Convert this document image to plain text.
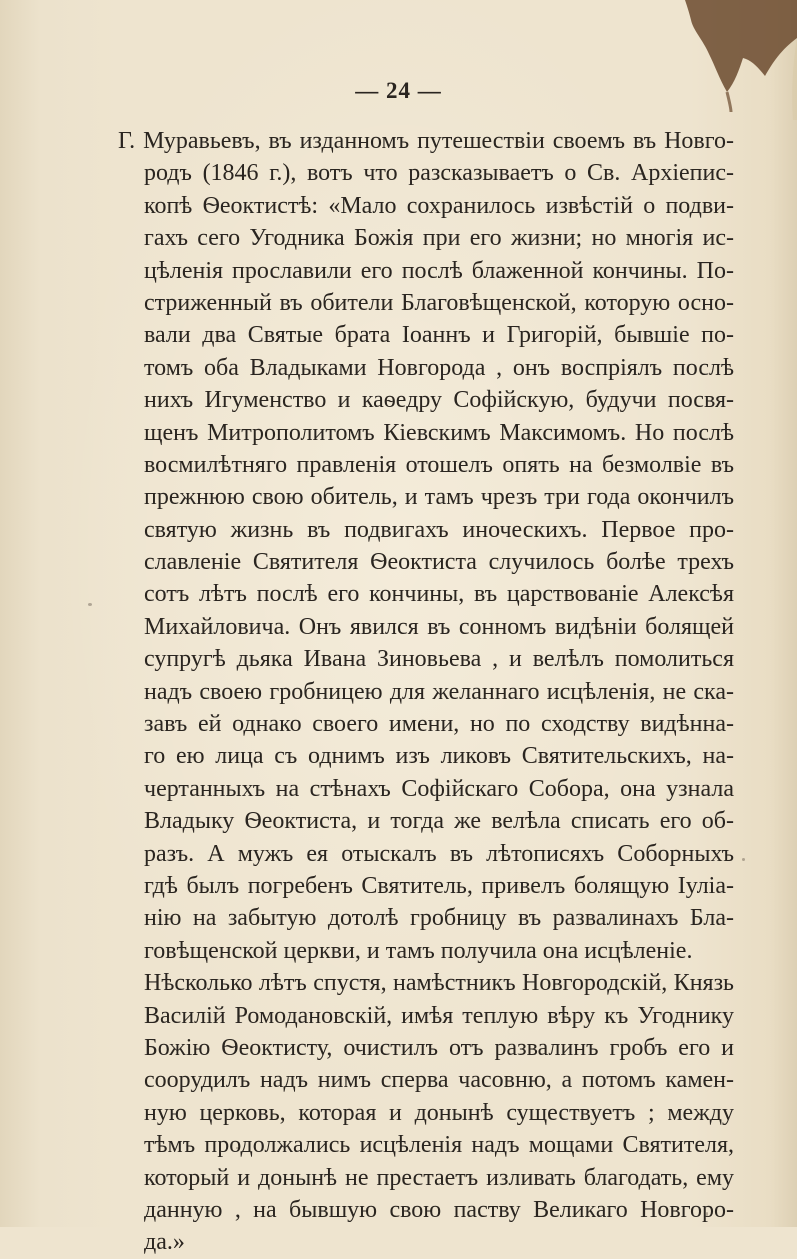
— 24 —
Г. Муравьевъ, въ изданномъ путешествіи своемъ въ Новго-
родъ (1846 г.), вотъ что разсказываетъ о Св. Архіепис-
копѣ Ѳеоктистѣ: «Мало сохранилось извѣстій о подви-
гахъ сего Угодника Божія при его жизни; но многія ис-
цѣленія прославили его послѣ блаженной кончины. По-
стриженный въ обители Благовѣщенской, которую осно-
вали два Святые брата Іоаннъ и Григорій, бывшіе по-
томъ оба Владыками Новгорода , онъ воспріялъ послѣ
нихъ Игуменство и каѳедру Софійскую, будучи посвя-
щенъ Митрополитомъ Кіевскимъ Максимомъ. Но послѣ
восмилѣтняго правленія отошелъ опять на безмолвіе въ
прежнюю свою обитель, и тамъ чрезъ три года окончилъ
святую жизнь въ подвигахъ иноческихъ. Первое про-
славленіе Святителя Ѳеоктиста случилось болѣе трехъ
сотъ лѣтъ послѣ его кончины, въ царствованіе Алексѣя
Михайловича. Онъ явился въ сонномъ видѣніи болящей
супругѣ дьяка Ивана Зиновьева , и велѣлъ помолиться
надъ своею гробницею для желаннаго исцѣленія, не ска-
завъ ей однако своего имени, но по сходству видѣнна-
го ею лица съ однимъ изъ ликовъ Святительскихъ, на-
чертанныхъ на стѣнахъ Софійскаго Собора, она узнала
Владыку Ѳеоктиста, и тогда же велѣла списать его об-
разъ. А мужъ ея отыскалъ въ лѣтописяхъ Соборныхъ
гдѣ былъ погребенъ Святитель, привелъ болящую Іуліа-
нію на забытую дотолѣ гробницу въ развалинахъ Бла-
говѣщенской церкви, и тамъ получила она исцѣленіе.
Нѣсколько лѣтъ спустя, намѣстникъ Новгородскій, Князь
Василій Ромодановскій, имѣя теплую вѣру къ Угоднику
Божію Ѳеоктисту, очистилъ отъ развалинъ гробъ его и
соорудилъ надъ нимъ сперва часовню, а потомъ камен-
ную церковь, которая и донынѣ существуетъ ; между
тѣмъ продолжались исцѣленія надъ мощами Святителя,
который и донынѣ не престаетъ изливать благодать, ему
данную , на бывшую свою паству Великаго Новгоро-
да.»
